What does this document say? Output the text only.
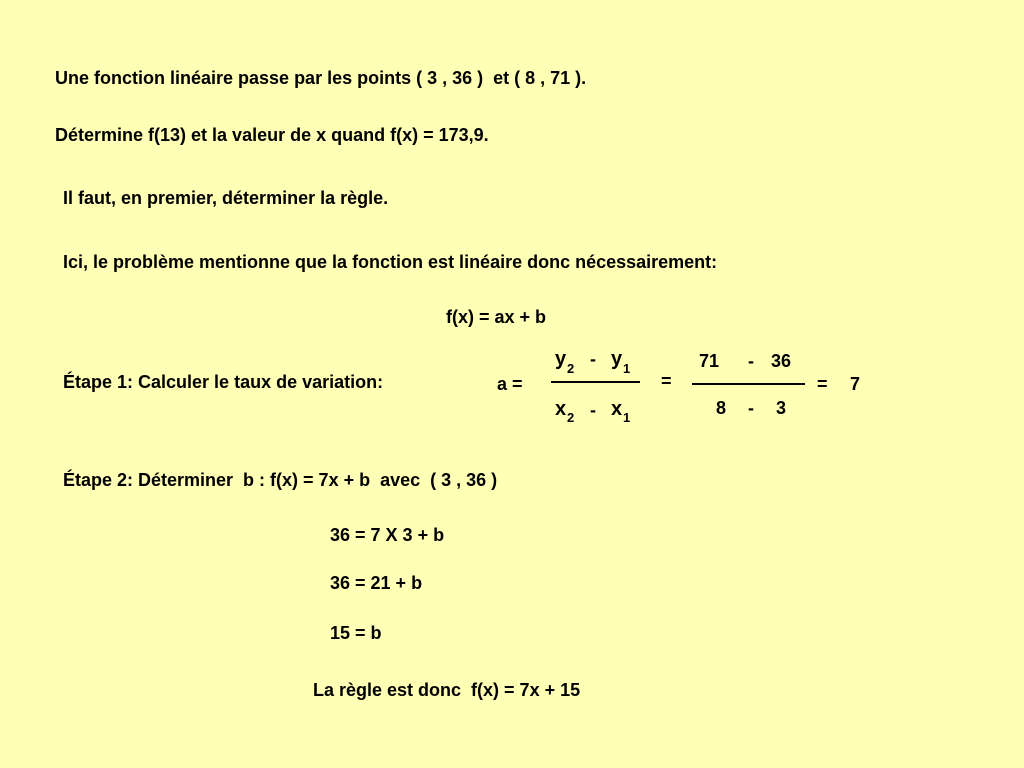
Une fonction linéaire passe par les points ( 3 , 36 )  et ( 8 , 71 ).
Détermine f(13) et la valeur de x quand f(x) = 173,9.
Il faut, en premier, déterminer la règle.
Ici, le problème mentionne que la fonction est linéaire donc nécessairement:
f(x) = ax + b
Étape 1: Calculer le taux de variation:	a =
y 2 - y 1
x 2 - x 1
=
71 - 36
8 - 3
= 7
Étape 2: Déterminer  b : f(x) = 7x + b  avec  ( 3 , 36 )
36 = 7 X 3 + b
36 = 21 + b
15 = b
La règle est donc  f(x) = 7x + 15
